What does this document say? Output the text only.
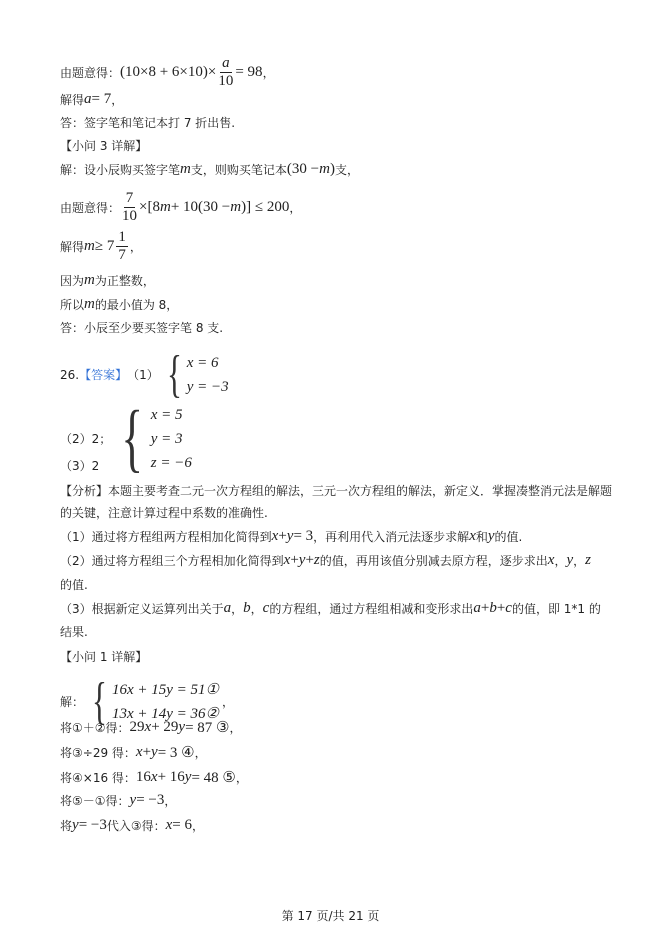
由题意得： $(10\times 8 + 6\times 10)\times \frac{a}{10} = 98$ ，
解得 a = 7 ，
答：签字笔和笔记本打 7 折出售.
【小问 3 详解】
解：设小辰购买签字笔 m 支，则购买笔记本 (30 − m ) 支，
由题意得： $\frac{7}{10} \times[8$ m + 10(30 − m )] ≤ 200 ，
解得 $m \ge 7 \frac{1}{7}$ ，
因为 m 为正整数，
所以 m 的最小值为 8，
答：小辰至少要买签字笔 8 支.
26. 【答案】 （1） { x = 6
y = −3
（2）2； { x = 5
y = 3
z = −6
（3）2
【分析】本题主要考查二元一次方程组的解法，三元一次方程组的解法，新定义．掌握凑整消元法是解题
的关键，注意计算过程中系数的准确性.
（1）通过将方程组两方程相加化简得到 x + y = 3 ，再利用代入消元法逐步求解 x 和 y 的值.
（2）通过将方程组三个方程相加化简得到 x + y + z 的值，再用该值分别减去原方程，逐步求出 x ， y ， z
的值.
（3）根据新定义运算列出关于 a ， b ， c 的方程组，通过方程组相减和变形求出 a + b + c 的值，即 1*1 的
结果.
【小问 1 详解】
解： { 16x + 15y = 51①
13x + 14y = 36②
，
将①＋②得： 29 x + 29 y = 87 ③ ，
将③÷29 得： x + y = 3 ④ ，
将④×16 得： 16 x + 16 y = 48 ⑤ ，
将⑤－①得： y = −3 ，
将 y = −3 代入③得： x = 6 ，
第 17 页/共 21 页
